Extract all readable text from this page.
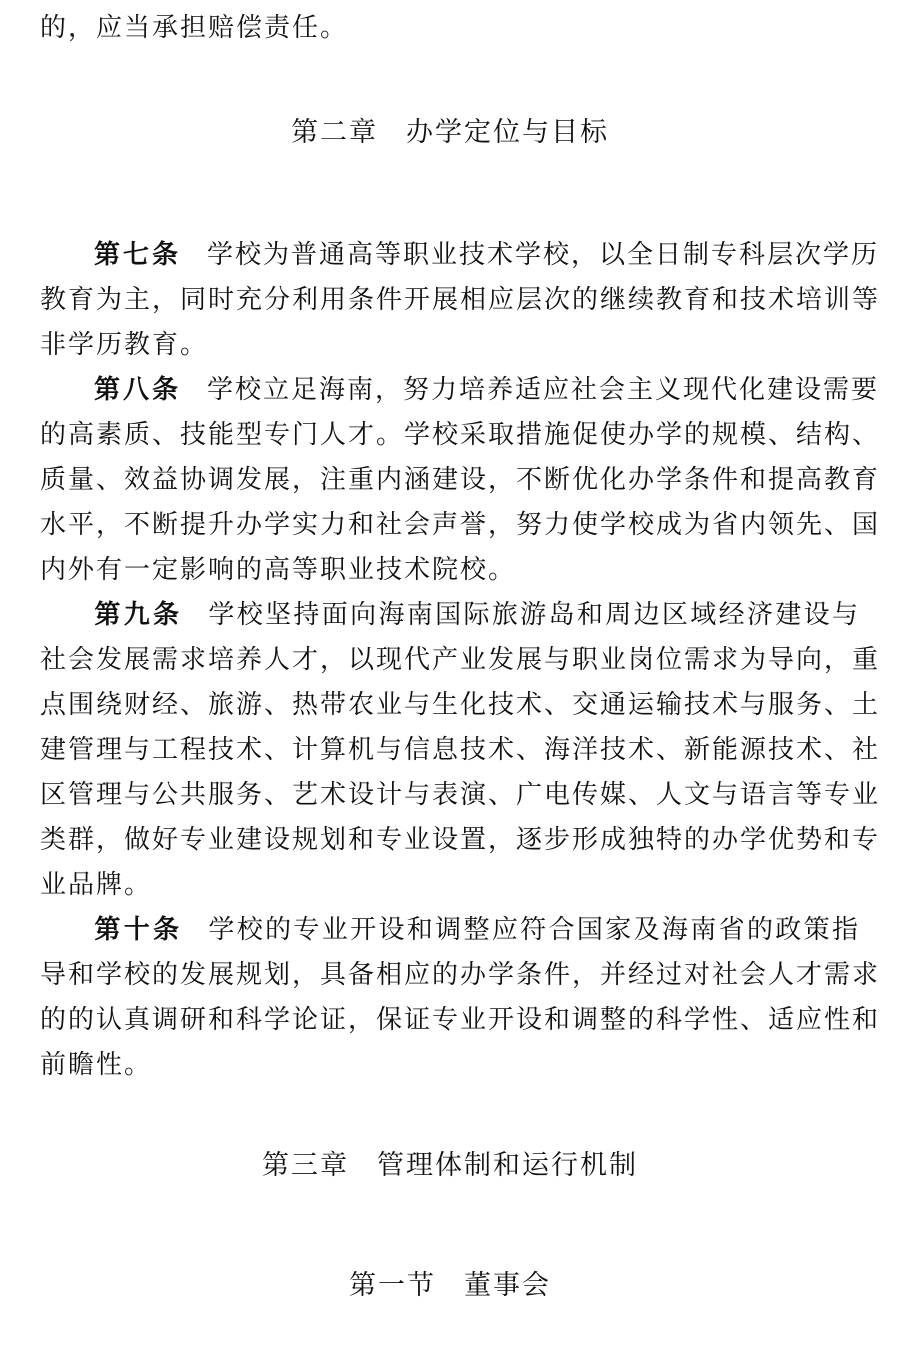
的，应当承担赔偿责任。
第二章 办学定位与目标
第七条 学校为普通高等职业技术学校，以全日制专科层次学历
教育为主，同时充分利用条件开展相应层次的继续教育和技术培训等
非学历教育。
第八条 学校立足海南，努力培养适应社会主义现代化建设需要
的高素质、技能型专门人才。学校采取措施促使办学的规模、结构、
质量、效益协调发展，注重内涵建设，不断优化办学条件和提高教育
水平，不断提升办学实力和社会声誉，努力使学校成为省内领先、国
内外有一定影响的高等职业技术院校。
第九条 学校坚持面向海南国际旅游岛和周边区域经济建设与
社会发展需求培养人才，以现代产业发展与职业岗位需求为导向，重
点围绕财经、旅游、热带农业与生化技术、交通运输技术与服务、土
建管理与工程技术、计算机与信息技术、海洋技术、新能源技术、社
区管理与公共服务、艺术设计与表演、广电传媒、人文与语言等专业
类群，做好专业建设规划和专业设置，逐步形成独特的办学优势和专
业品牌。
第十条 学校的专业开设和调整应符合国家及海南省的政策指
导和学校的发展规划，具备相应的办学条件，并经过对社会人才需求
的的认真调研和科学论证，保证专业开设和调整的科学性、适应性和
前瞻性。
第三章 管理体制和运行机制
第一节 董事会
